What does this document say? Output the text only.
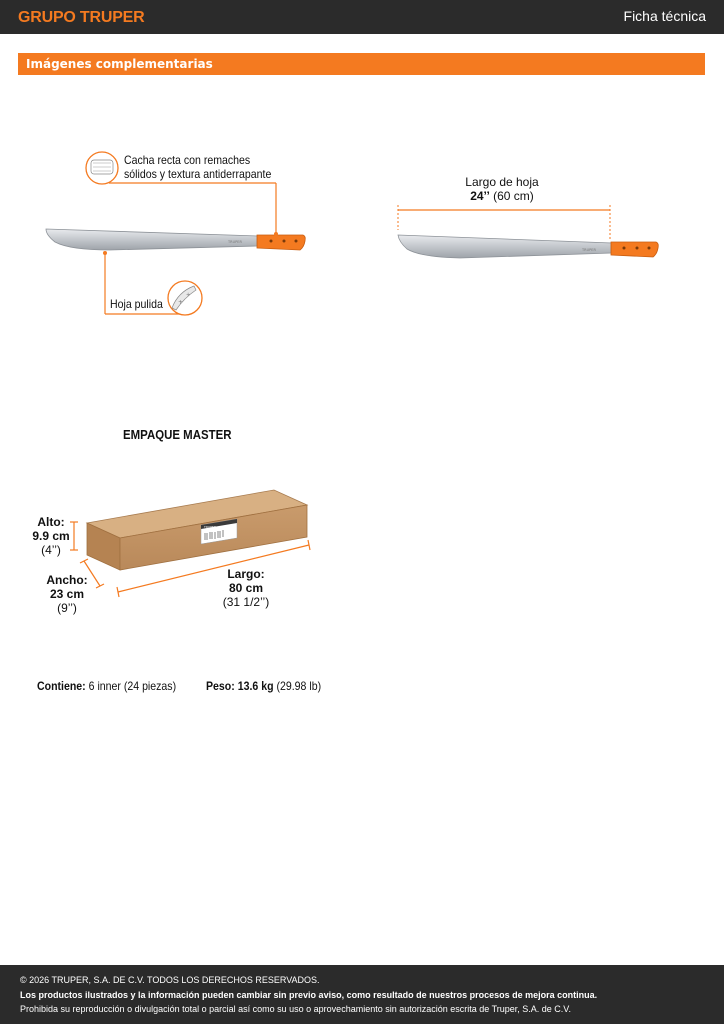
GRUPO TRUPER	Ficha técnica
Imágenes complementarias
TRUPER
+
+
TRUPER
TRUPER
Cacha recta con remaches
sólidos y textura antiderrapante
Hoja pulida
Largo de hoja
24’’ (60 cm)
EMPAQUE MASTER
Alto:
9.9 cm
(4’’)
Ancho:
23 cm
(9’’)
Largo:
80 cm
(31 1/2’’)
Contiene: 6 inner (24 piezas) Peso: 13.6 kg (29.98 lb)
© 2026 TRUPER, S.A. DE C.V. TODOS LOS DERECHOS RESERVADOS.
Los productos ilustrados y la información pueden cambiar sin previo aviso, como resultado de nuestros procesos de mejora continua.
Prohibida su reproducción o divulgación total o parcial así como su uso o aprovechamiento sin autorización escrita de Truper, S.A. de C.V.
